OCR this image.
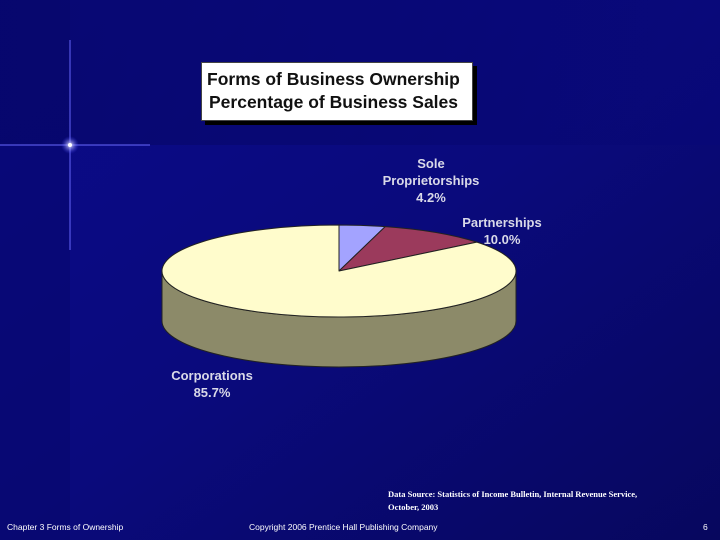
Forms of Business Ownership
Percentage of Business Sales
Sole
Proprietorships
4.2%
Partnerships
10.0%
Corporations
85.7%
Data Source: Statistics of Income Bulletin, Internal Revenue Service,
October, 2003
Chapter 3 Forms of Ownership	Copyright 2006 Prentice Hall Publishing Company	6
